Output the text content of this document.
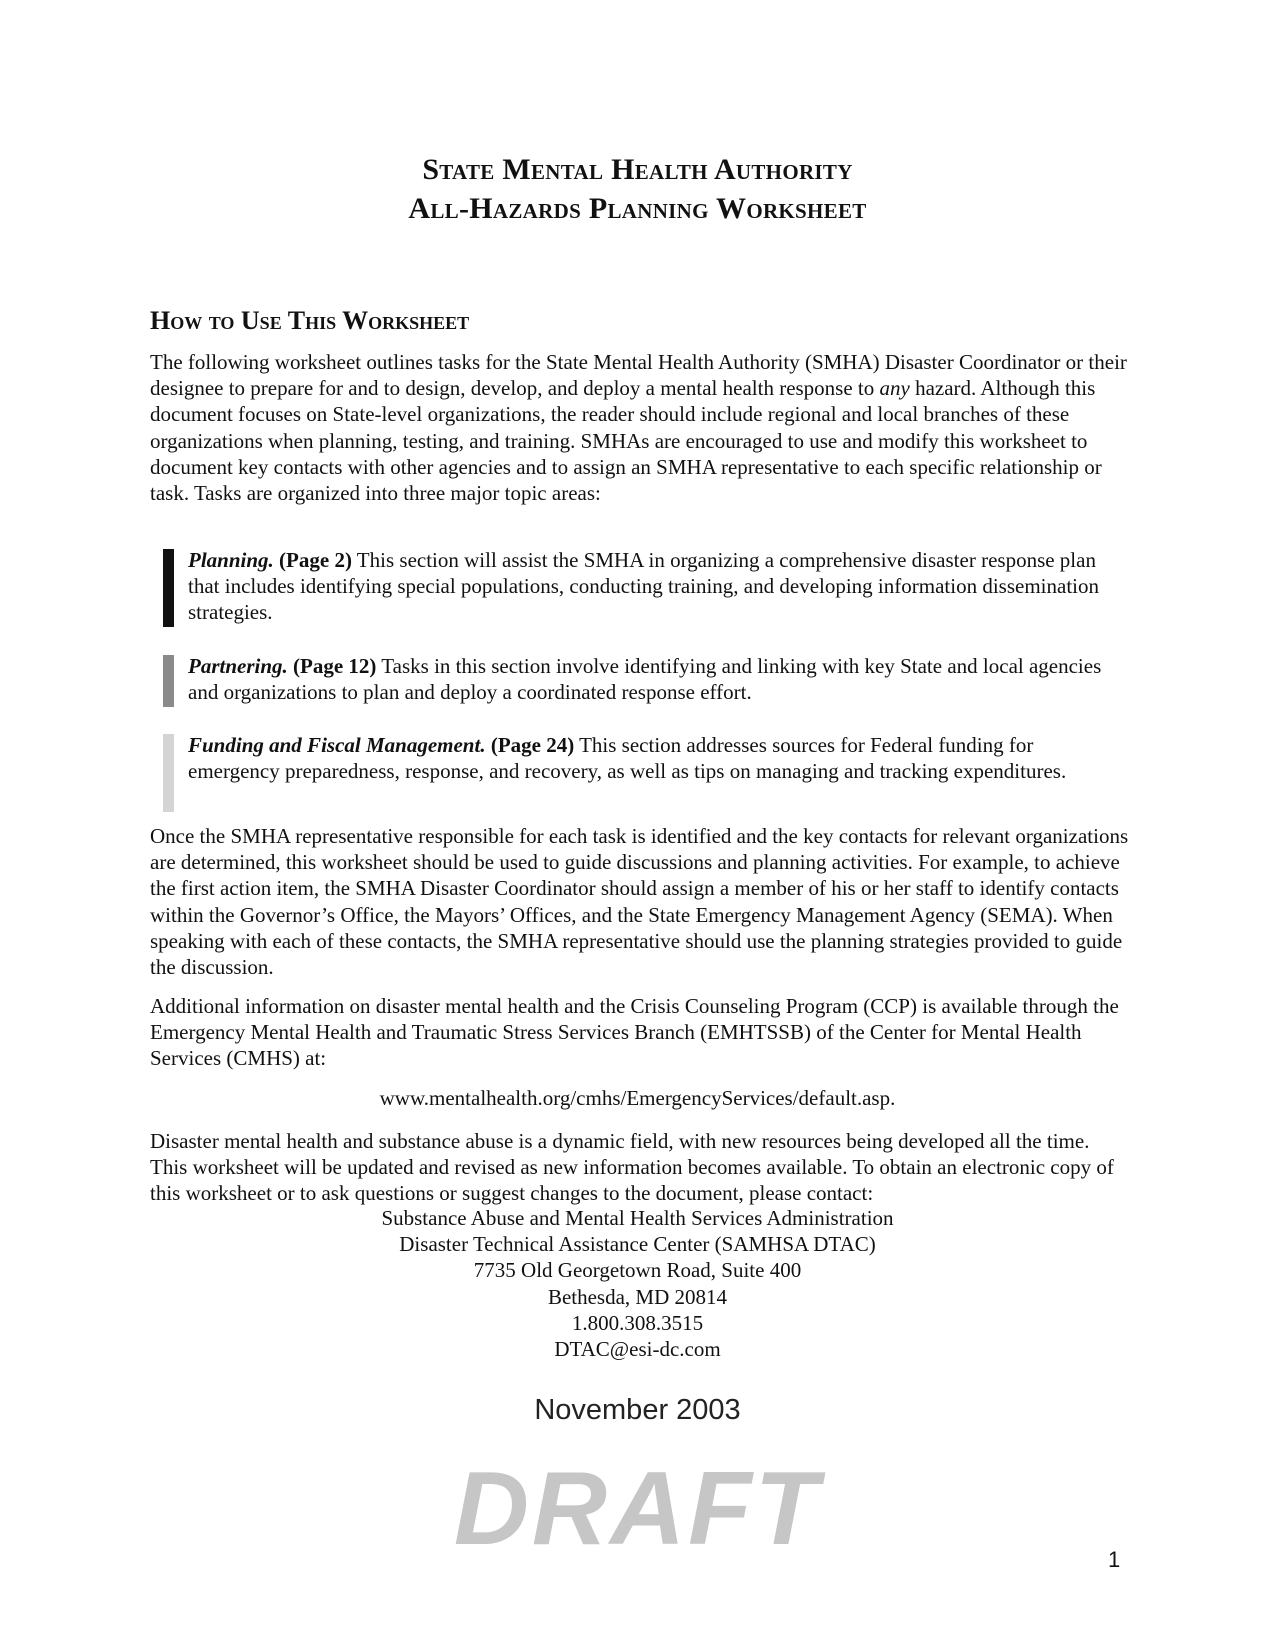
State Mental Health Authority
All-Hazards Planning Worksheet
How to Use This Worksheet

The following worksheet outlines tasks for the State Mental Health Authority (SMHA) Disaster Coordinator or their designee to prepare for and to design, develop, and deploy a mental health response to any hazard. Although this document focuses on State-level organizations, the reader should include regional and local branches of these organizations when planning, testing, and training. SMHAs are encouraged to use and modify this worksheet to document key contacts with other agencies and to assign an SMHA representative to each specific relationship or task. Tasks are organized into three major topic areas:

Planning. (Page 2) This section will assist the SMHA in organizing a comprehensive disaster response plan that includes identifying special populations, conducting training, and developing information dissemination strategies.
Partnering. (Page 12) Tasks in this section involve identifying and linking with key State and local agencies and organizations to plan and deploy a coordinated response effort.
Funding and Fiscal Management. (Page 24) This section addresses sources for Federal funding for emergency preparedness, response, and recovery, as well as tips on managing and tracking expenditures.

Once the SMHA representative responsible for each task is identified and the key contacts for relevant organizations are determined, this worksheet should be used to guide discussions and planning activities. For example, to achieve the first action item, the SMHA Disaster Coordinator should assign a member of his or her staff to identify contacts within the Governor’s Office, the Mayors’ Offices, and the State Emergency Management Agency (SEMA). When speaking with each of these contacts, the SMHA representative should use the planning strategies provided to guide the discussion.

Additional information on disaster mental health and the Crisis Counseling Program (CCP) is available through the Emergency Mental Health and Traumatic Stress Services Branch (EMHTSSB) of the Center for Mental Health Services (CMHS) at:

www.mentalhealth.org/cmhs/EmergencyServices/default.asp.

Disaster mental health and substance abuse is a dynamic field, with new resources being developed all the time. This worksheet will be updated and revised as new information becomes available. To obtain an electronic copy of this worksheet or to ask questions or suggest changes to the document, please contact:

Substance Abuse and Mental Health Services Administration
Disaster Technical Assistance Center (SAMHSA DTAC)
7735 Old Georgetown Road, Suite 400
Bethesda, MD 20814
1.800.308.3515
DTAC@esi-dc.com
November 2003
DRAFT	1
